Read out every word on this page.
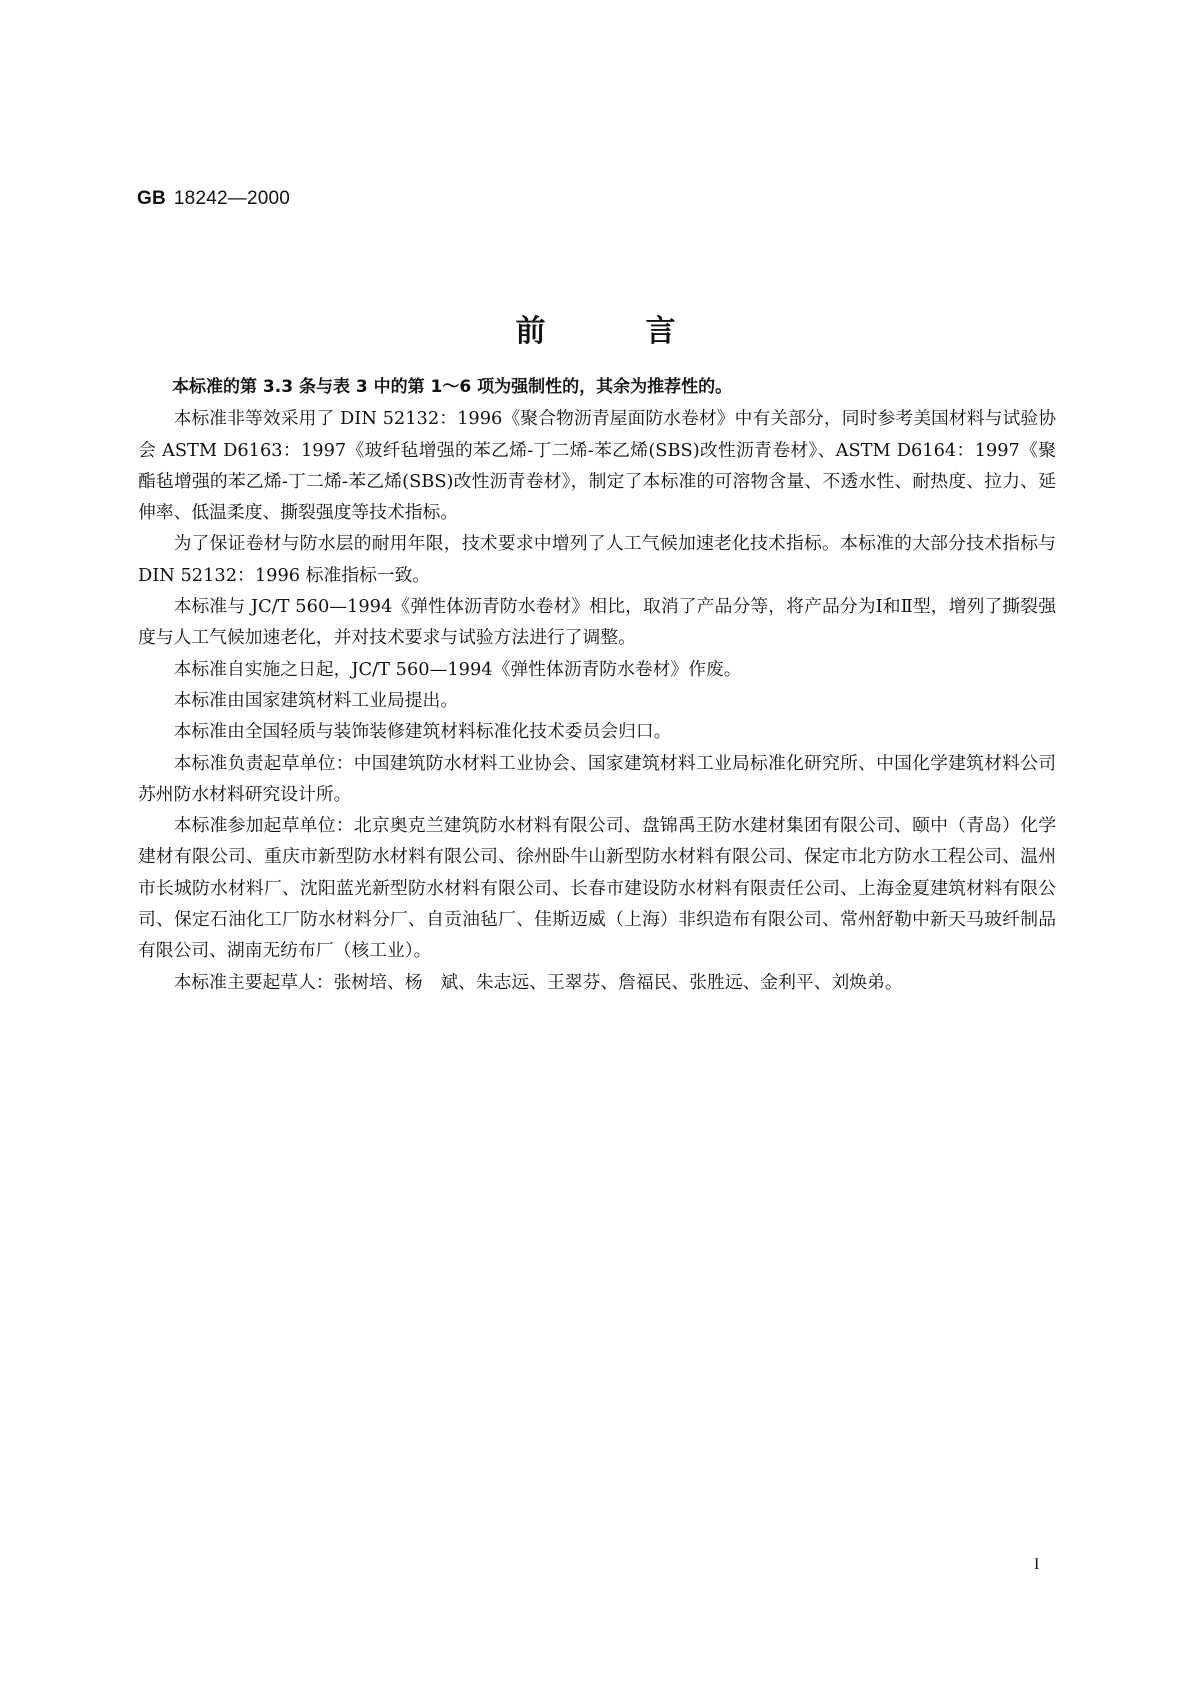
GB 18242—2000
前言

本标准的第 3.3 条与表 3 中的第 1～6 项为强制性的，其余为推荐性的。

本标准非等效采用了 DIN 52132：1996《聚合物沥青屋面防水卷材》中有关部分，同时参考美国材料与试验协会 ASTM D6163：1997《玻纤毡增强的苯乙烯-丁二烯-苯乙烯(SBS)改性沥青卷材》、ASTM D6164：1997《聚酯毡增强的苯乙烯-丁二烯-苯乙烯(SBS)改性沥青卷材》，制定了本标准的可溶物含量、不透水性、耐热度、拉力、延伸率、低温柔度、撕裂强度等技术指标。

为了保证卷材与防水层的耐用年限，技术要求中增列了人工气候加速老化技术指标。本标准的大部分技术指标与 DIN 52132：1996 标准指标一致。

本标准与 JC/T 560—1994《弹性体沥青防水卷材》相比，取消了产品分等，将产品分为Ⅰ和Ⅱ型，增列了撕裂强度与人工气候加速老化，并对技术要求与试验方法进行了调整。

本标准自实施之日起，JC/T 560—1994《弹性体沥青防水卷材》作废。

本标准由国家建筑材料工业局提出。

本标准由全国轻质与装饰装修建筑材料标准化技术委员会归口。

本标准负责起草单位：中国建筑防水材料工业协会、国家建筑材料工业局标准化研究所、中国化学建筑材料公司苏州防水材料研究设计所。

本标准参加起草单位：北京奥克兰建筑防水材料有限公司、盘锦禹王防水建材集团有限公司、颐中（青岛）化学建材有限公司、重庆市新型防水材料有限公司、徐州卧牛山新型防水材料有限公司、保定市北方防水工程公司、温州市长城防水材料厂、沈阳蓝光新型防水材料有限公司、长春市建设防水材料有限责任公司、上海金夏建筑材料有限公司、保定石油化工厂防水材料分厂、自贡油毡厂、佳斯迈威（上海）非织造布有限公司、常州舒勒中新天马玻纤制品有限公司、湖南无纺布厂（核工业）。

本标准主要起草人：张树培、杨　斌、朱志远、王翠芬、詹福民、张胜远、金利平、刘焕弟。

I
